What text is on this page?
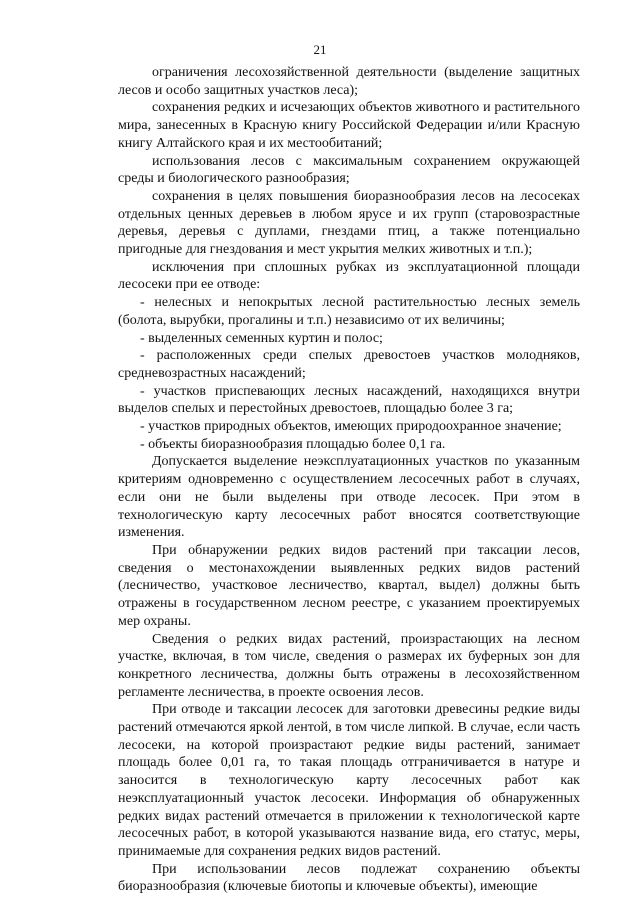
21

ограничения лесохозяйственной деятельности (выделение защитных лесов и особо защитных участков леса);

сохранения редких и исчезающих объектов животного и растительного мира, занесенных в Красную книгу Российской Федерации и/или Красную книгу Алтайского края и их местообитаний;

использования лесов с максимальным сохранением окружающей среды и биологического разнообразия;

сохранения в целях повышения биоразнообразия лесов на лесосеках отдельных ценных деревьев в любом ярусе и их групп (старовозрастные деревья, деревья с дуплами, гнездами птиц, а также потенциально пригодные для гнездования и мест укрытия мелких животных и т.п.);

исключения при сплошных рубках из эксплуатационной площади лесосеки при ее отводе:

- нелесных и непокрытых лесной растительностью лесных земель (болота, вырубки, прогалины и т.п.) независимо от их величины;

- выделенных семенных куртин и полос;

- расположенных среди спелых древостоев участков молодняков, средневозрастных насаждений;

- участков приспевающих лесных насаждений, находящихся внутри выделов спелых и перестойных древостоев, площадью более 3 га;

- участков природных объектов, имеющих природоохранное значение;

- объекты биоразнообразия площадью более 0,1 га.

Допускается выделение неэксплуатационных участков по указанным критериям одновременно с осуществлением лесосечных работ в случаях, если они не были выделены при отводе лесосек. При этом в технологическую карту лесосечных работ вносятся соответствующие изменения.

При обнаружении редких видов растений при таксации лесов, сведения о местонахождении выявленных редких видов растений (лесничество, участковое лесничество, квартал, выдел) должны быть отражены в государственном лесном реестре, с указанием проектируемых мер охраны.

Сведения о редких видах растений, произрастающих на лесном участке, включая, в том числе, сведения о размерах их буферных зон для конкретного лесничества, должны быть отражены в лесохозяйственном регламенте лесничества, в проекте освоения лесов.

При отводе и таксации лесосек для заготовки древесины редкие виды растений отмечаются яркой лентой, в том числе липкой. В случае, если часть лесосеки, на которой произрастают редкие виды растений, занимает площадь более 0,01 га, то такая площадь отграничивается в натуре и заносится в технологическую карту лесосечных работ как неэксплуатационный участок лесосеки. Информация об обнаруженных редких видах растений отмечается в приложении к технологической карте лесосечных работ, в которой указываются название вида, его статус, меры, принимаемые для сохранения редких видов растений.

При использовании лесов подлежат сохранению объекты биоразнообразия (ключевые биотопы и ключевые объекты), имеющие
